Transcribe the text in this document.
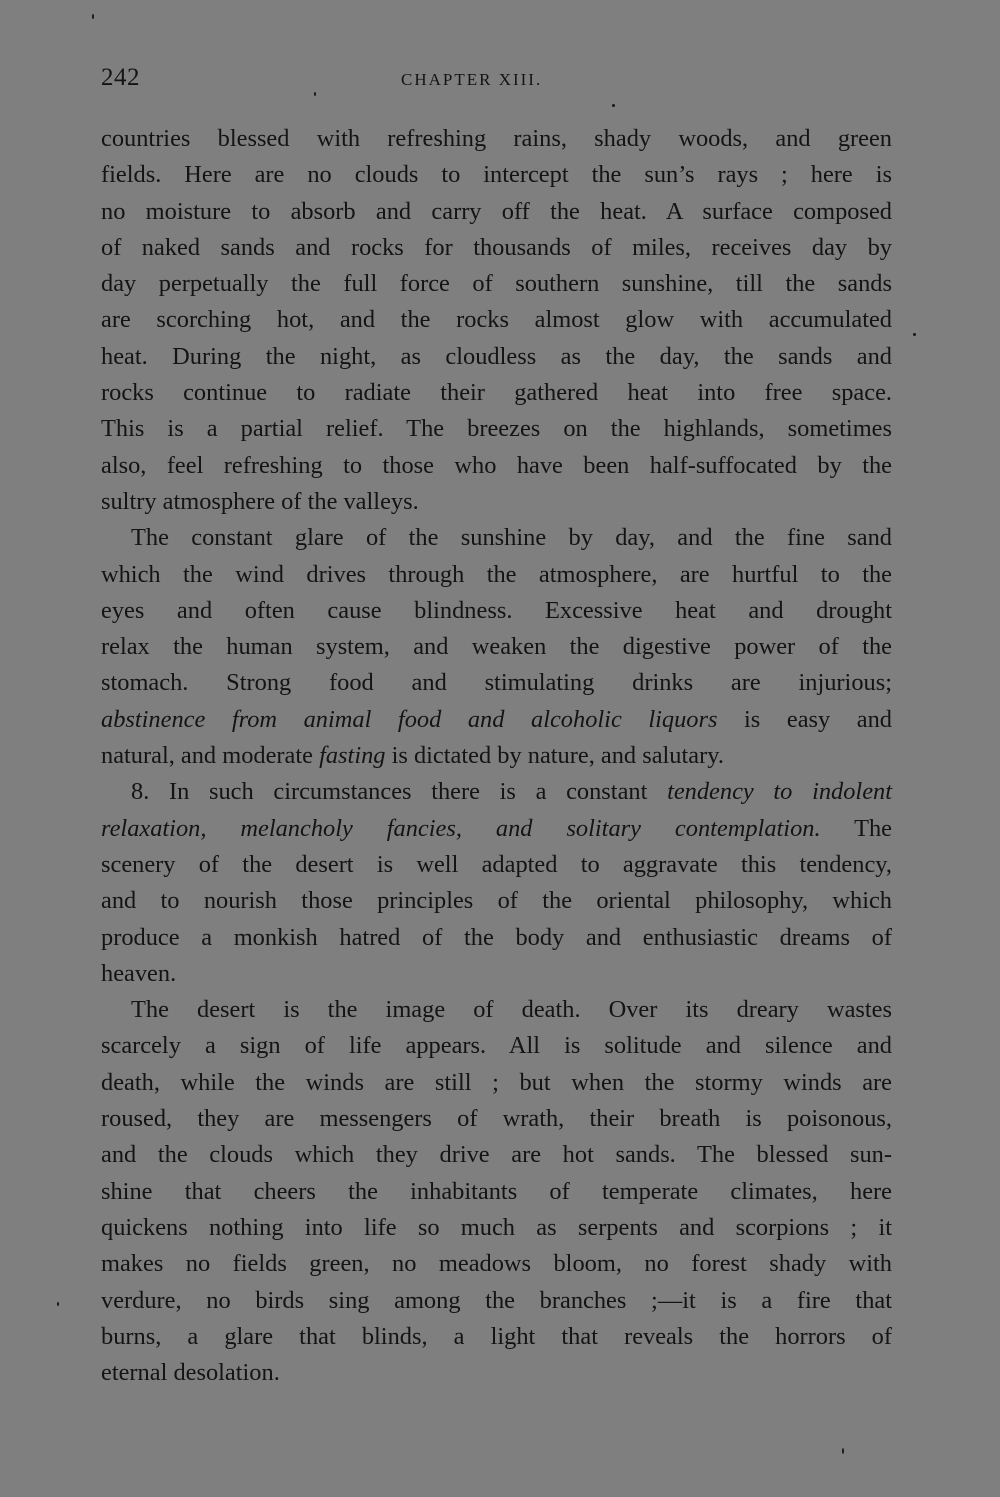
242	CHAPTER XIII.

countries blessed with refreshing rains, shady woods, and green
fields. Here are no clouds to intercept the sun’s rays ; here is
no moisture to absorb and carry off the heat. A surface composed
of naked sands and rocks for thousands of miles, receives day by
day perpetually the full force of southern sunshine, till the sands
are scorching hot, and the rocks almost glow with accumulated
heat. During the night, as cloudless as the day, the sands and
rocks continue to radiate their gathered heat into free space.
This is a partial relief. The breezes on the highlands, sometimes
also, feel refreshing to those who have been half-suffocated by the
sultry atmosphere of the valleys.

The constant glare of the sunshine by day, and the fine sand
which the wind drives through the atmosphere, are hurtful to the
eyes and often cause blindness. Excessive heat and drought
relax the human system, and weaken the digestive power of the
stomach. Strong food and stimulating drinks are injurious;
abstinence from animal food and alcoholic liquors is easy and
natural, and moderate fasting is dictated by nature, and salutary.

8. In such circumstances there is a constant tendency to indolent
relaxation, melancholy fancies, and solitary contemplation. The
scenery of the desert is well adapted to aggravate this tendency,
and to nourish those principles of the oriental philosophy, which
produce a monkish hatred of the body and enthusiastic dreams of
heaven.

The desert is the image of death. Over its dreary wastes
scarcely a sign of life appears. All is solitude and silence and
death, while the winds are still ; but when the stormy winds are
roused, they are messengers of wrath, their breath is poisonous,
and the clouds which they drive are hot sands. The blessed sun-
shine that cheers the inhabitants of temperate climates, here
quickens nothing into life so much as serpents and scorpions ; it
makes no fields green, no meadows bloom, no forest shady with
verdure, no birds sing among the branches ;—it is a fire that
burns, a glare that blinds, a light that reveals the horrors of
eternal desolation.
